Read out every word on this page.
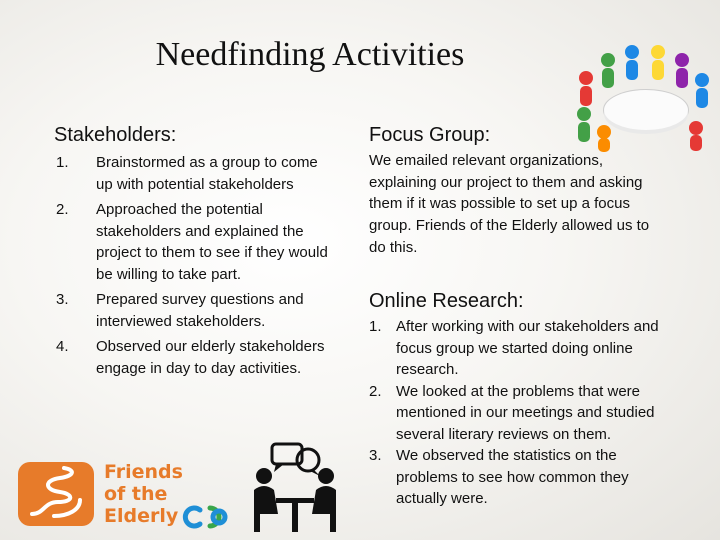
Needfinding Activities
Stakeholders:
1. Brainstormed as a group to come up with potential stakeholders
2. Approached the potential stakeholders and explained the project to them to see if they would be willing to take part.
3. Prepared survey questions and interviewed stakeholders.
4. Observed our elderly stakeholders engage in day to day activities.
Focus Group:
We emailed relevant organizations, explaining our project to them and asking them if it was possible to set up a focus group. Friends of the Elderly allowed us to do this.
Online Research:
1. After working with our stakeholders and focus group we started doing online research.
2. We looked at the problems that were mentioned in our meetings and studied several literary reviews on them.
3. We observed the statistics on the problems to see how common they actually were.
Friends
of the
Elderly
